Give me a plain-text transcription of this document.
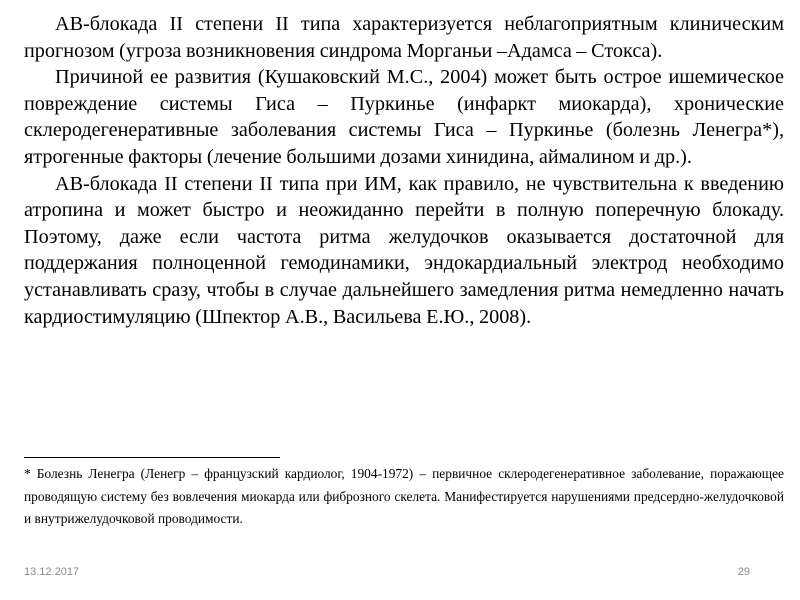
АВ-блокада II степени II типа характеризуется неблагоприятным клиническим прогнозом (угроза возникновения синдрома Морганьи –Адамса – Стокса).

Причиной ее развития (Кушаковский М.С., 2004) может быть острое ишемическое повреждение системы Гиса – Пуркинье (инфаркт миокарда), хронические склеродегенеративные заболевания системы Гиса – Пуркинье (болезнь Ленегра*), ятрогенные факторы (лечение большими дозами хинидина, аймалином и др.).

АВ-блокада II степени II типа при ИМ, как правило, не чувствительна к введению атропина и может быстро и неожиданно перейти в полную поперечную блокаду. Поэтому, даже если частота ритма желудочков оказывается достаточной для поддержания полноценной гемодинамики, эндокардиальный электрод необходимо устанавливать сразу, чтобы в случае дальнейшего замедления ритма немедленно начать кардиостимуляцию (Шпектор А.В., Васильева Е.Ю., 2008).

* Болезнь Ленегра (Ленегр – французский кардиолог, 1904-1972) – первичное склеродегенеративное заболевание, поражающее проводящую систему без вовлечения миокарда или фиброзного скелета. Манифестируется нарушениями предсердно-желудочковой и внутрижелудочковой проводимости.

13.12.2017	29
